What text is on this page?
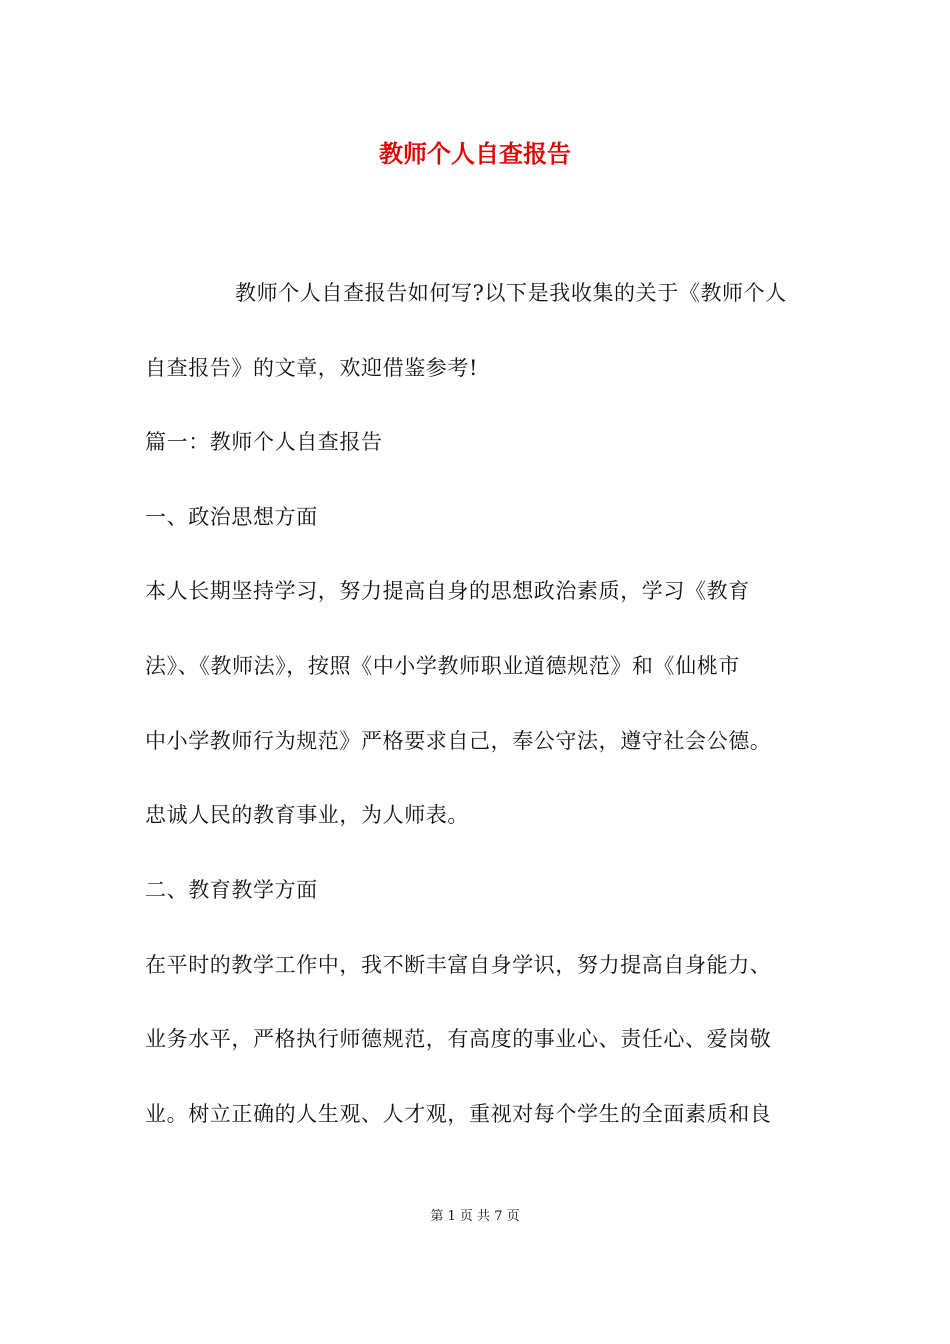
教师个人自查报告
教师个人自查报告如何写?以下是我收集的关于《教师个人
自查报告》的文章，欢迎借鉴参考!
篇一：教师个人自查报告
一、政治思想方面
本人长期坚持学习，努力提高自身的思想政治素质，学习《教育
法》、《教师法》，按照《中小学教师职业道德规范》和《仙桃市
中小学教师行为规范》严格要求自己，奉公守法，遵守社会公德。
忠诚人民的教育事业，为人师表。
二、教育教学方面
在平时的教学工作中，我不断丰富自身学识，努力提高自身能力、
业务水平，严格执行师德规范，有高度的事业心、责任心、爱岗敬
业。树立正确的人生观、人才观，重视对每个学生的全面素质和良
第 1 页 共 7 页
